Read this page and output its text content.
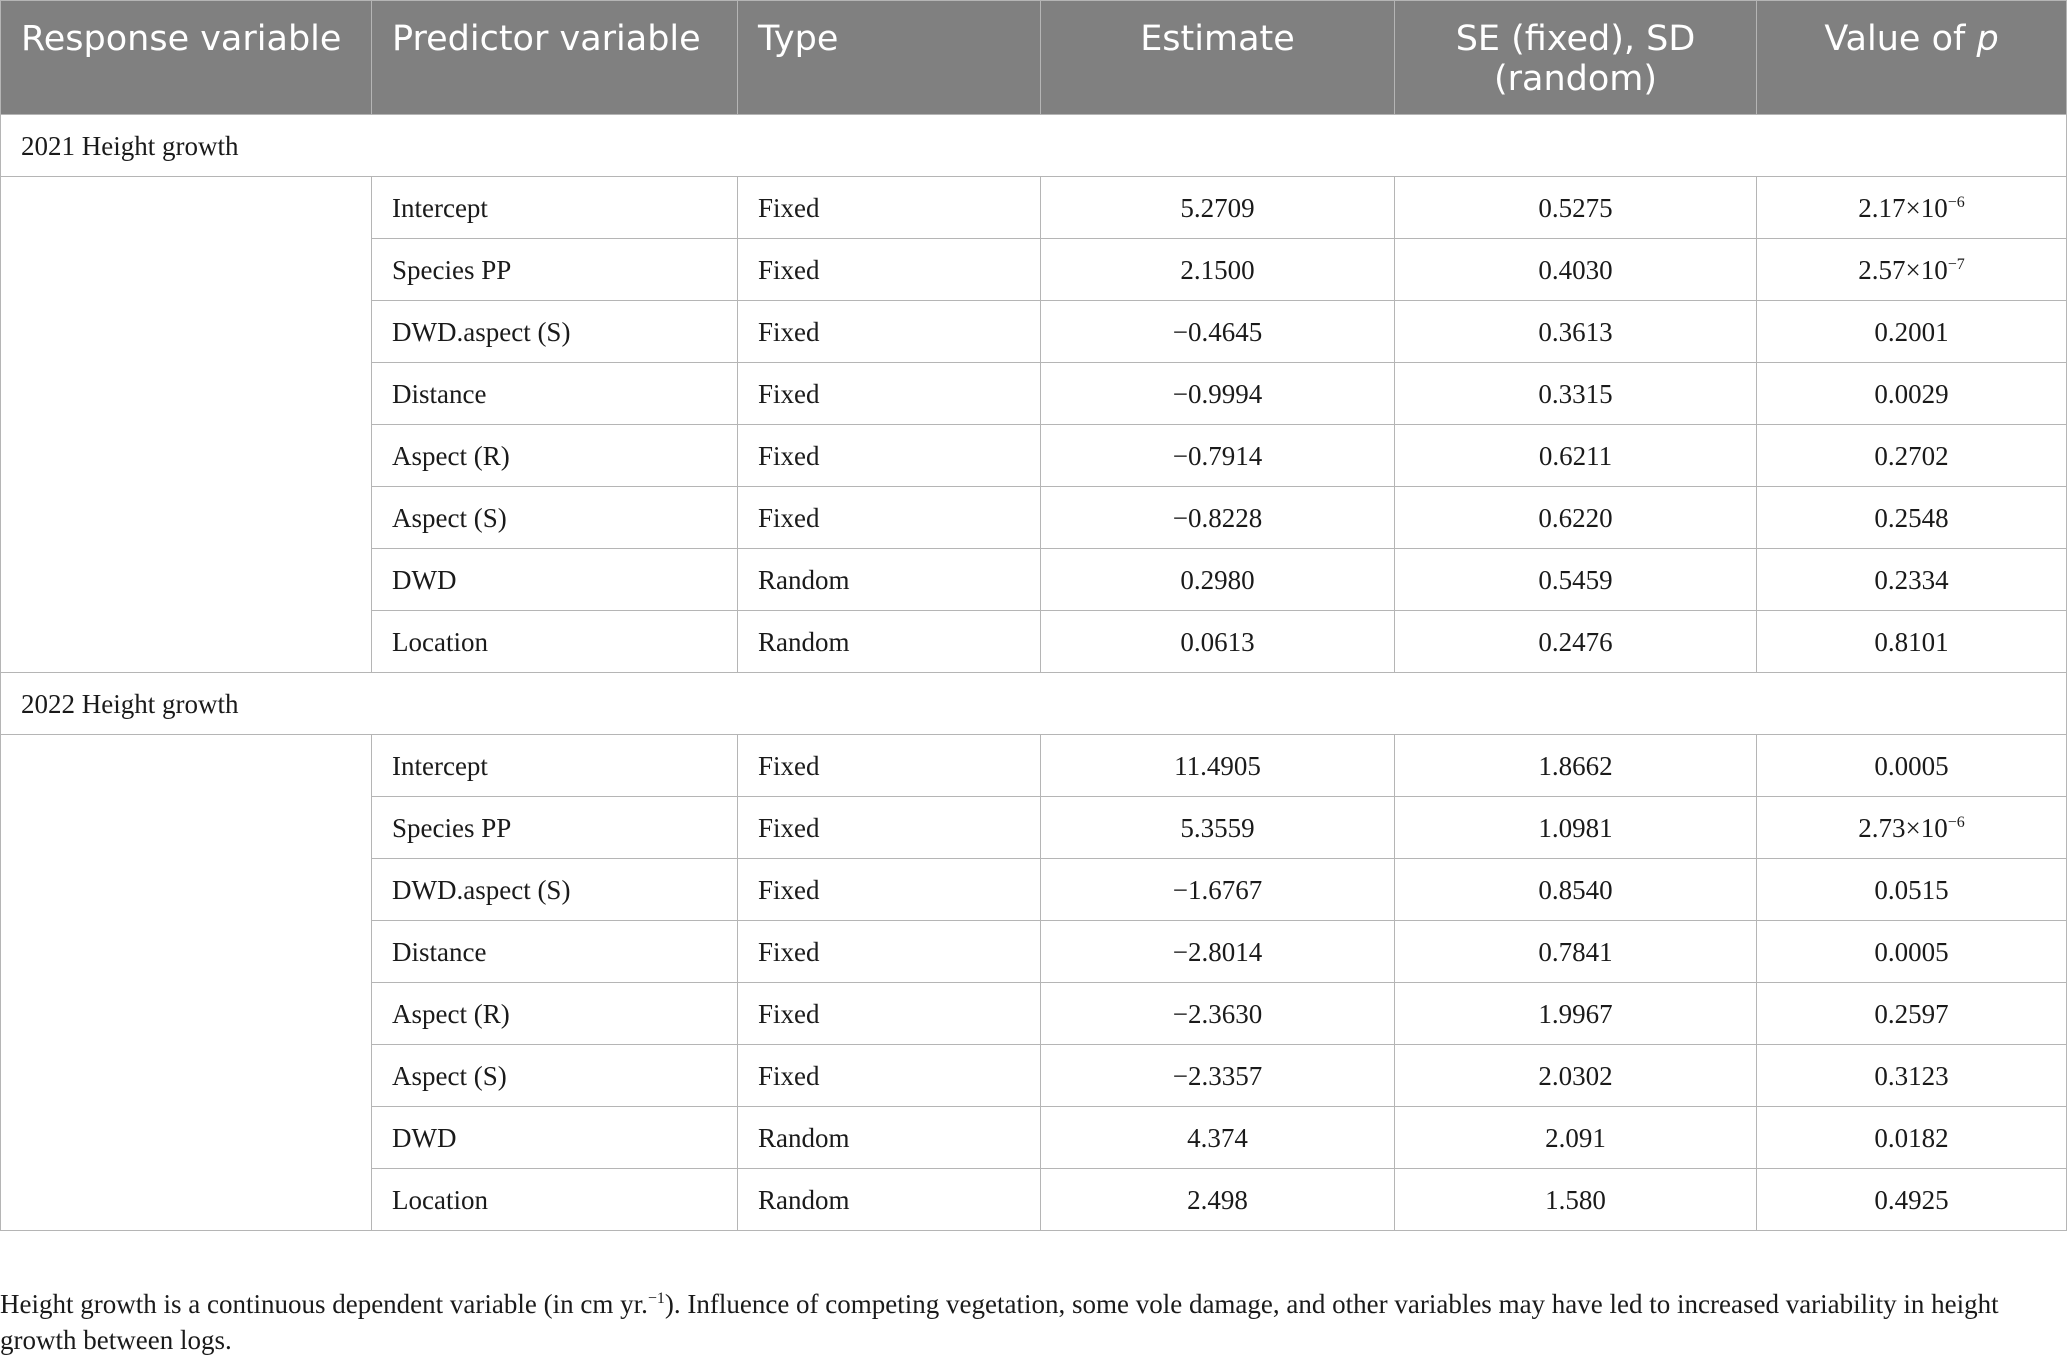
Response variable	Predictor variable	Type	Estimate	SE (fixed), SD (random)	Value of p
2021 Height growth					
	Intercept	Fixed	5.2709	0.5275	$2.17\times 10^{-6}$
	Species PP	Fixed	2.1500	0.4030	$2.57\times 10^{-7}$
	DWD.aspect (S)	Fixed	−0.4645	0.3613	0.2001
	Distance	Fixed	−0.9994	0.3315	0.0029
	Aspect (R)	Fixed	−0.7914	0.6211	0.2702
	Aspect (S)	Fixed	−0.8228	0.6220	0.2548
	DWD	Random	0.2980	0.5459	0.2334
	Location	Random	0.0613	0.2476	0.8101
2022 Height growth					
	Intercept	Fixed	11.4905	1.8662	0.0005
	Species PP	Fixed	5.3559	1.0981	$2.73\times 10^{-6}$
	DWD.aspect (S)	Fixed	−1.6767	0.8540	0.0515
	Distance	Fixed	−2.8014	0.7841	0.0005
	Aspect (R)	Fixed	−2.3630	1.9967	0.2597
	Aspect (S)	Fixed	−2.3357	2.0302	0.3123
	DWD	Random	4.374	2.091	0.0182
	Location	Random	2.498	1.580	0.4925

Height growth is a continuous dependent variable (in cm yr.$^{-1}$). Influence of competing vegetation, some vole damage, and other variables may have led to increased variability in height growth between logs.
